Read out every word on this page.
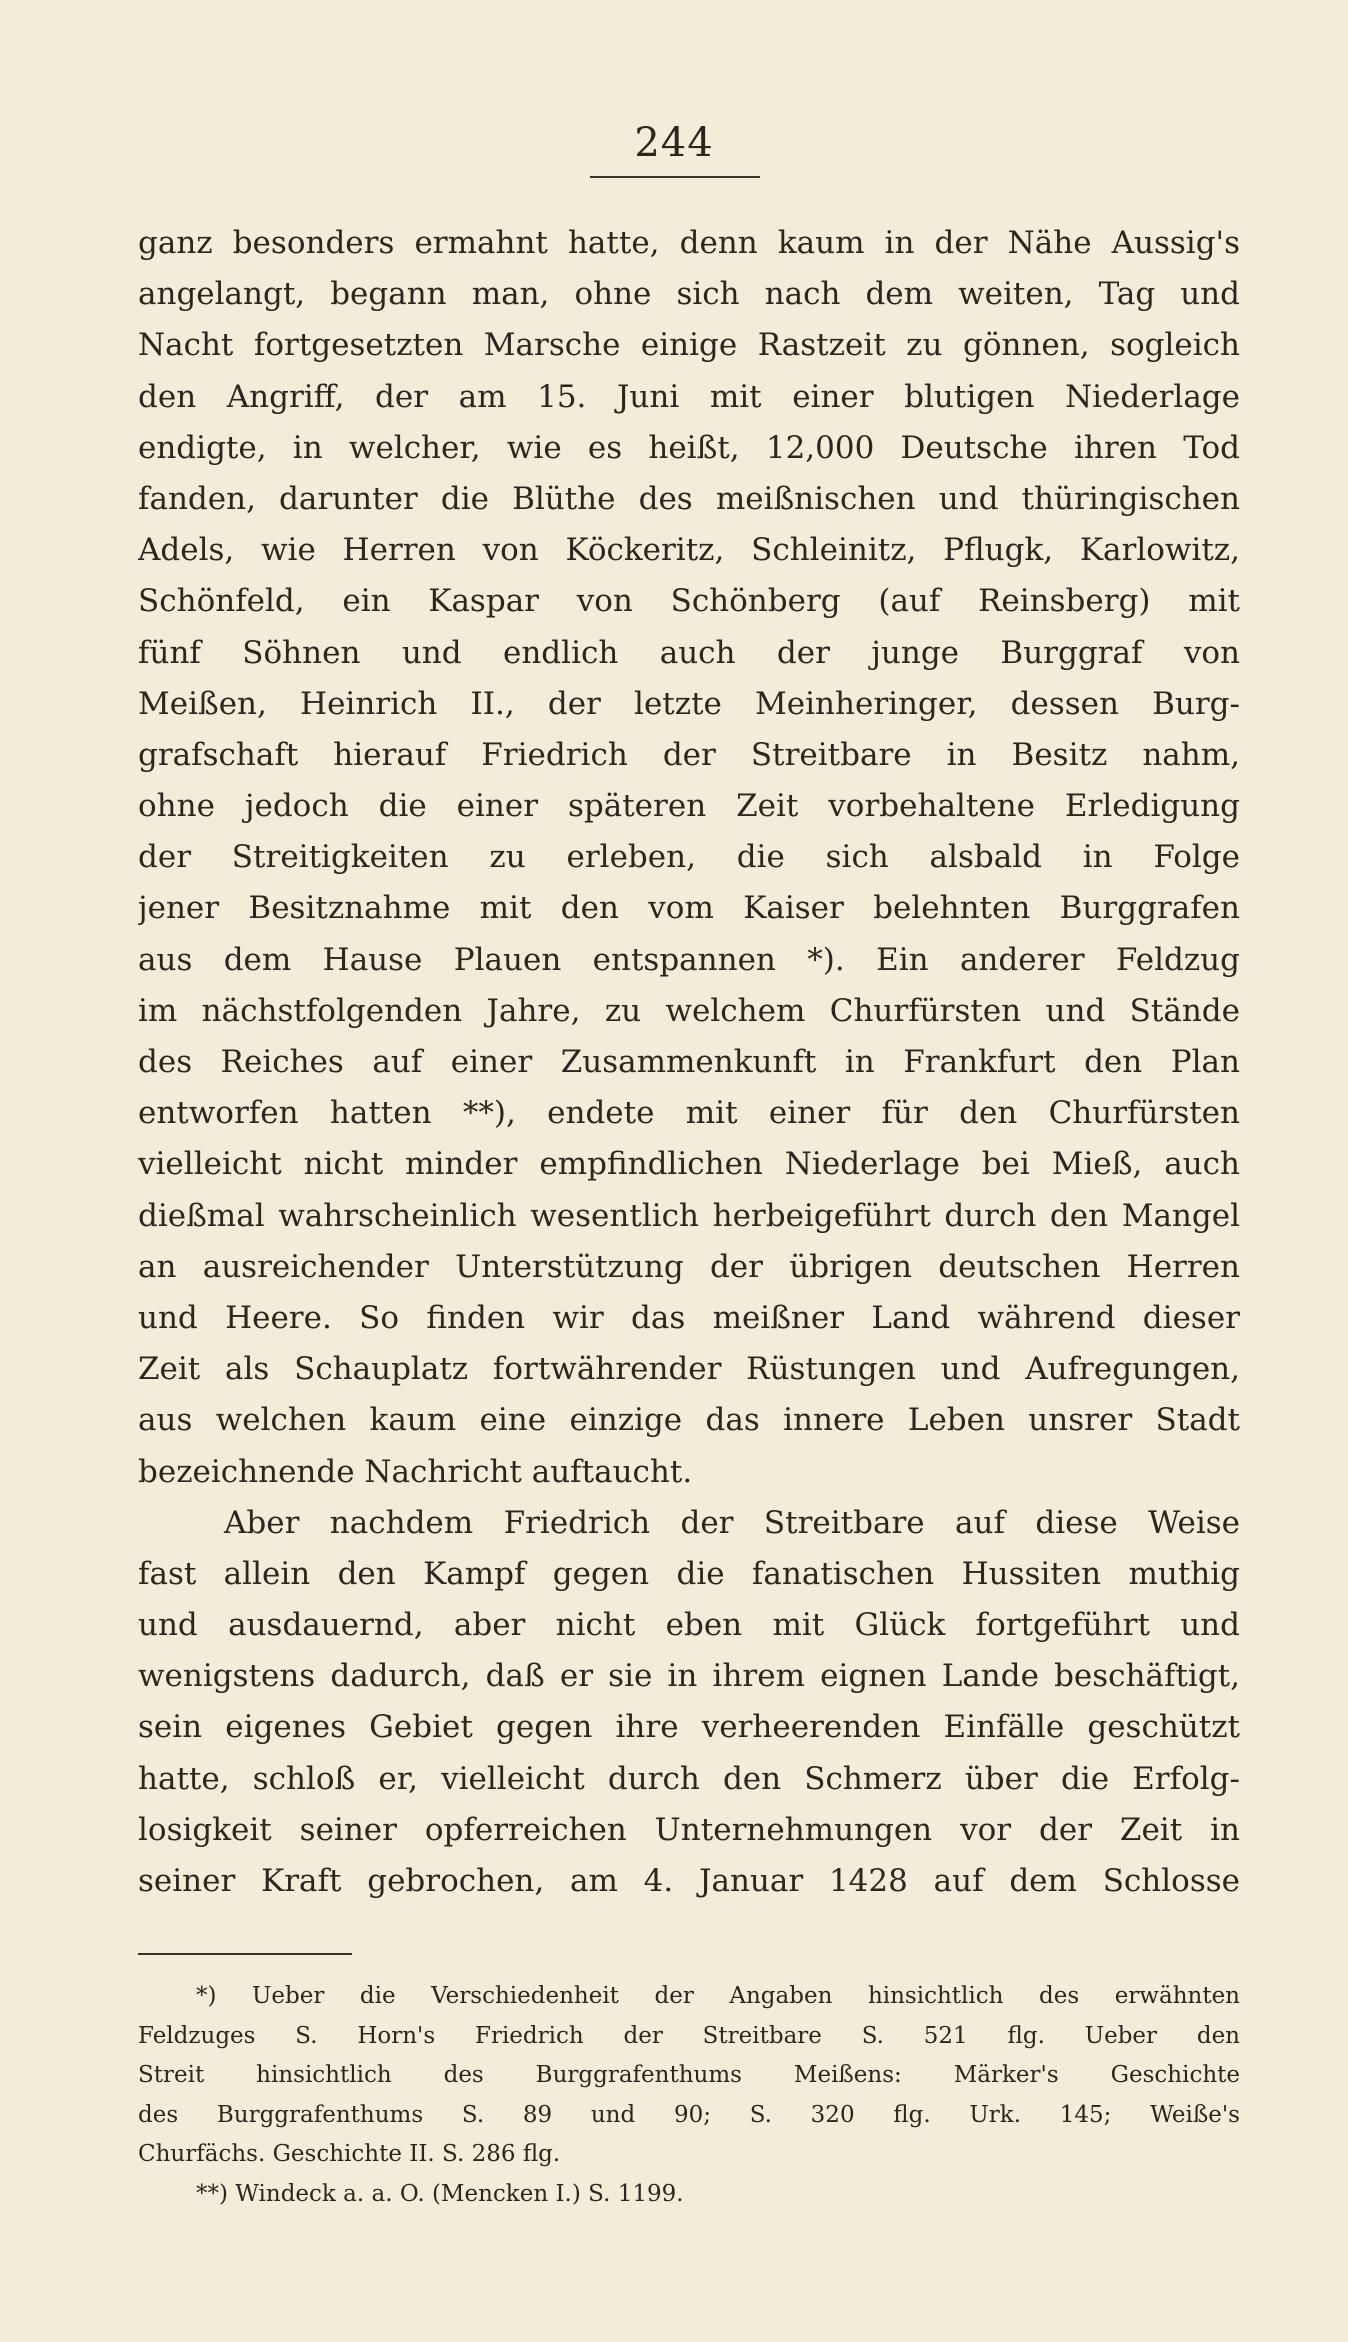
244
ganz besonders ermahnt hatte, denn kaum in der Nähe Aussig's
angelangt, begann man, ohne sich nach dem weiten, Tag und
Nacht fortgesetzten Marsche einige Rastzeit zu gönnen, sogleich
den Angriff, der am 15. Juni mit einer blutigen Niederlage
endigte, in welcher, wie es heißt, 12,000 Deutsche ihren Tod
fanden, darunter die Blüthe des meißnischen und thüringischen
Adels, wie Herren von Köckeritz, Schleinitz, Pflugk, Karlowitz,
Schönfeld, ein Kaspar von Schönberg (auf Reinsberg) mit
fünf Söhnen und endlich auch der junge Burggraf von
Meißen, Heinrich II., der letzte Meinheringer, dessen Burg-
grafschaft hierauf Friedrich der Streitbare in Besitz nahm,
ohne jedoch die einer späteren Zeit vorbehaltene Erledigung
der Streitigkeiten zu erleben, die sich alsbald in Folge
jener Besitznahme mit den vom Kaiser belehnten Burggrafen
aus dem Hause Plauen entspannen *). Ein anderer Feldzug
im nächstfolgenden Jahre, zu welchem Churfürsten und Stände
des Reiches auf einer Zusammenkunft in Frankfurt den Plan
entworfen hatten **), endete mit einer für den Churfürsten
vielleicht nicht minder empfindlichen Niederlage bei Mieß, auch
dießmal wahrscheinlich wesentlich herbeigeführt durch den Mangel
an ausreichender Unterstützung der übrigen deutschen Herren
und Heere. So finden wir das meißner Land während dieser
Zeit als Schauplatz fortwährender Rüstungen und Aufregungen,
aus welchen kaum eine einzige das innere Leben unsrer Stadt
bezeichnende Nachricht auftaucht.
Aber nachdem Friedrich der Streitbare auf diese Weise
fast allein den Kampf gegen die fanatischen Hussiten muthig
und ausdauernd, aber nicht eben mit Glück fortgeführt und
wenigstens dadurch, daß er sie in ihrem eignen Lande beschäftigt,
sein eigenes Gebiet gegen ihre verheerenden Einfälle geschützt
hatte, schloß er, vielleicht durch den Schmerz über die Erfolg-
losigkeit seiner opferreichen Unternehmungen vor der Zeit in
seiner Kraft gebrochen, am 4. Januar 1428 auf dem Schlosse
*) Ueber die Verschiedenheit der Angaben hinsichtlich des erwähnten
Feldzuges S. Horn's Friedrich der Streitbare S. 521 flg. Ueber den
Streit hinsichtlich des Burggrafenthums Meißens: Märker's Geschichte
des Burggrafenthums S. 89 und 90; S. 320 flg. Urk. 145; Weiße's
Churfächs. Geschichte II. S. 286 flg.
**) Windeck a. a. O. (Mencken I.) S. 1199.
